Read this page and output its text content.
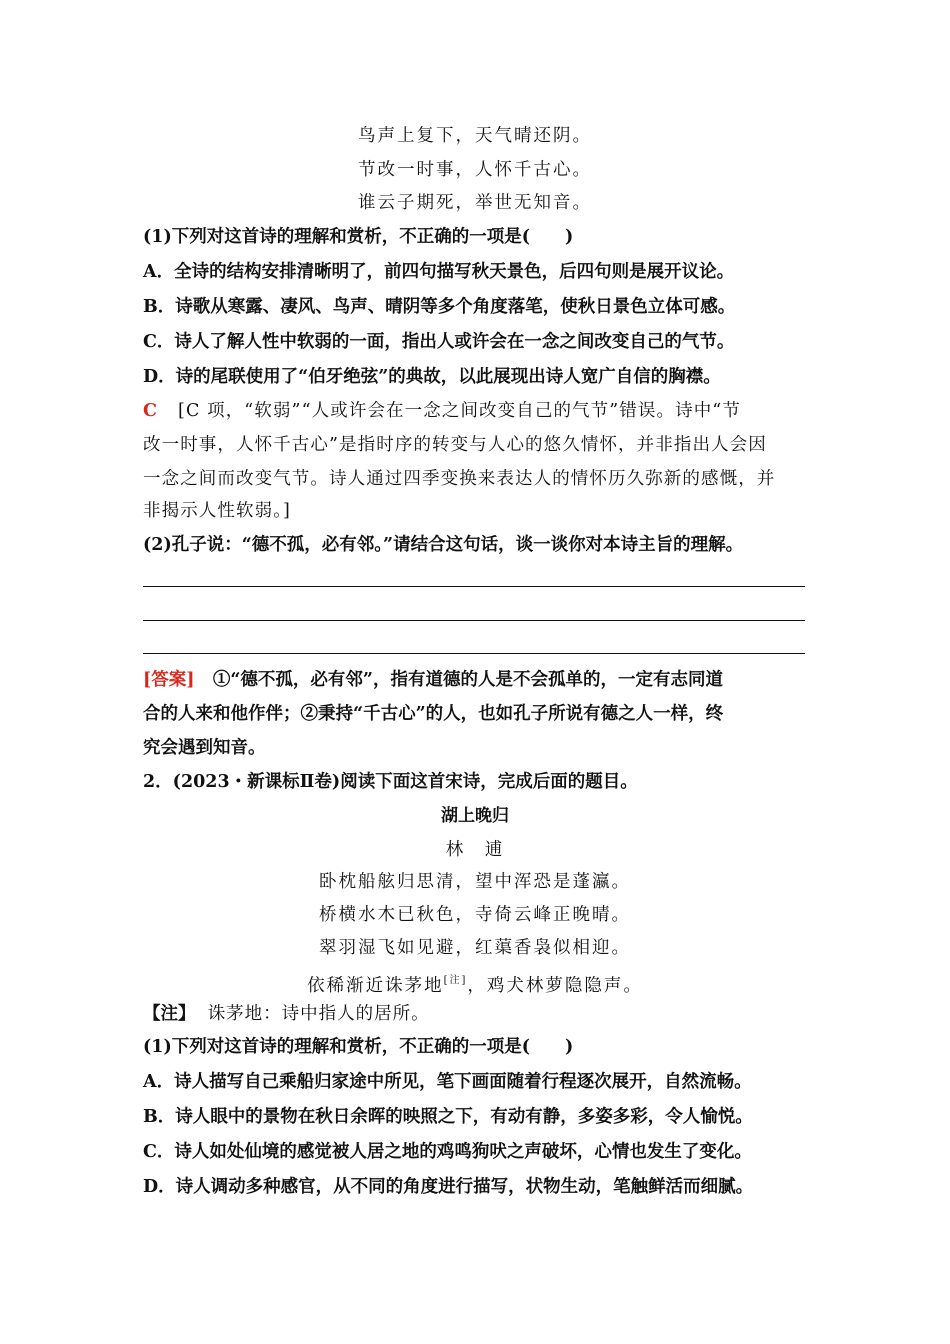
鸟声上复下，天气晴还阴。
节改一时事，人怀千古心。
谁云子期死，举世无知音。
(1)下列对这首诗的理解和赏析，不正确的一项是(　　)
A．全诗的结构安排清晰明了，前四句描写秋天景色，后四句则是展开议论。
B．诗歌从寒露、凄风、鸟声、晴阴等多个角度落笔，使秋日景色立体可感。
C．诗人了解人性中软弱的一面，指出人或许会在一念之间改变自己的气节。
D．诗的尾联使用了“伯牙绝弦”的典故，以此展现出诗人宽广自信的胸襟。
C [C 项，“软弱”“人或许会在一念之间改变自己的气节”错误。诗中“节
改一时事，人怀千古心”是指时序的转变与人心的悠久情怀，并非指出人会因
一念之间而改变气节。诗人通过四季变换来表达人的情怀历久弥新的感慨，并
非揭示人性软弱。]
(2)孔子说：“德不孤，必有邻。”请结合这句话，谈一谈你对本诗主旨的理解。
[答案] ①“德不孤，必有邻”，指有道德的人是不会孤单的，一定有志同道
合的人来和他作伴；②秉持“千古心”的人，也如孔子所说有德之人一样，终
究会遇到知音。
2．(2023・新课标Ⅱ卷)阅读下面这首宋诗，完成后面的题目。
湖上晚归
林　逋
卧枕船舷归思清，望中浑恐是蓬瀛。
桥横水木已秋色，寺倚云峰正晚晴。
翠羽湿飞如见避，红蕖香袅似相迎。
依稀渐近诛茅地[注]，鸡犬林萝隐隐声。
【注】 诛茅地：诗中指人的居所。
(1)下列对这首诗的理解和赏析，不正确的一项是(　　)
A．诗人描写自己乘船归家途中所见，笔下画面随着行程逐次展开，自然流畅。
B．诗人眼中的景物在秋日余晖的映照之下，有动有静，多姿多彩，令人愉悦。
C．诗人如处仙境的感觉被人居之地的鸡鸣狗吠之声破坏，心情也发生了变化。
D．诗人调动多种感官，从不同的角度进行描写，状物生动，笔触鲜活而细腻。
